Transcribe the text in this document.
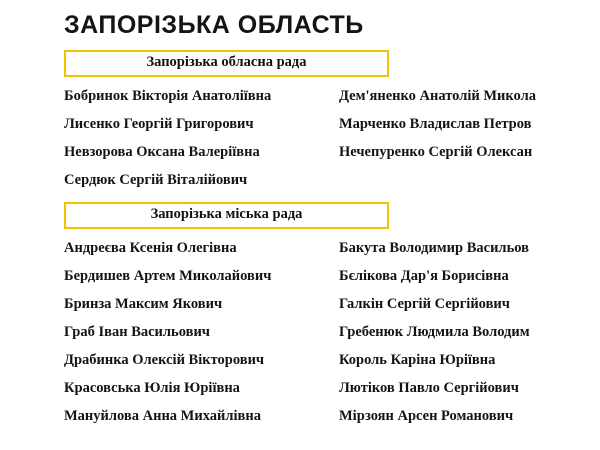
ЗАПОРІЗЬКА ОБЛАСТЬ
Запорізька обласна рада
Бобринок Вікторія Анатоліївна	Дем'яненко Анатолій Микола
Лисенко Георгій Григорович	Марченко Владислав Петров
Невзорова Оксана Валеріївна	Нечепуренко Сергій Олексан
Сердюк Сергій Віталійович
Запорізька міська рада
Андреєва Ксенія Олегівна	Бакута Володимир Васильов
Бердишев Артем Миколайович	Бєлікова Дар'я Борисівна
Бринза Максим Якович	Галкін Сергій Сергійович
Граб Іван Васильович	Гребенюк Людмила Володим
Драбинка Олексій Вікторович	Король Каріна Юріївна
Красовська Юлія Юріївна	Лютіков Павло Сергійович
Мануйлова Анна Михайлівна	Мірзоян Арсен Романович
